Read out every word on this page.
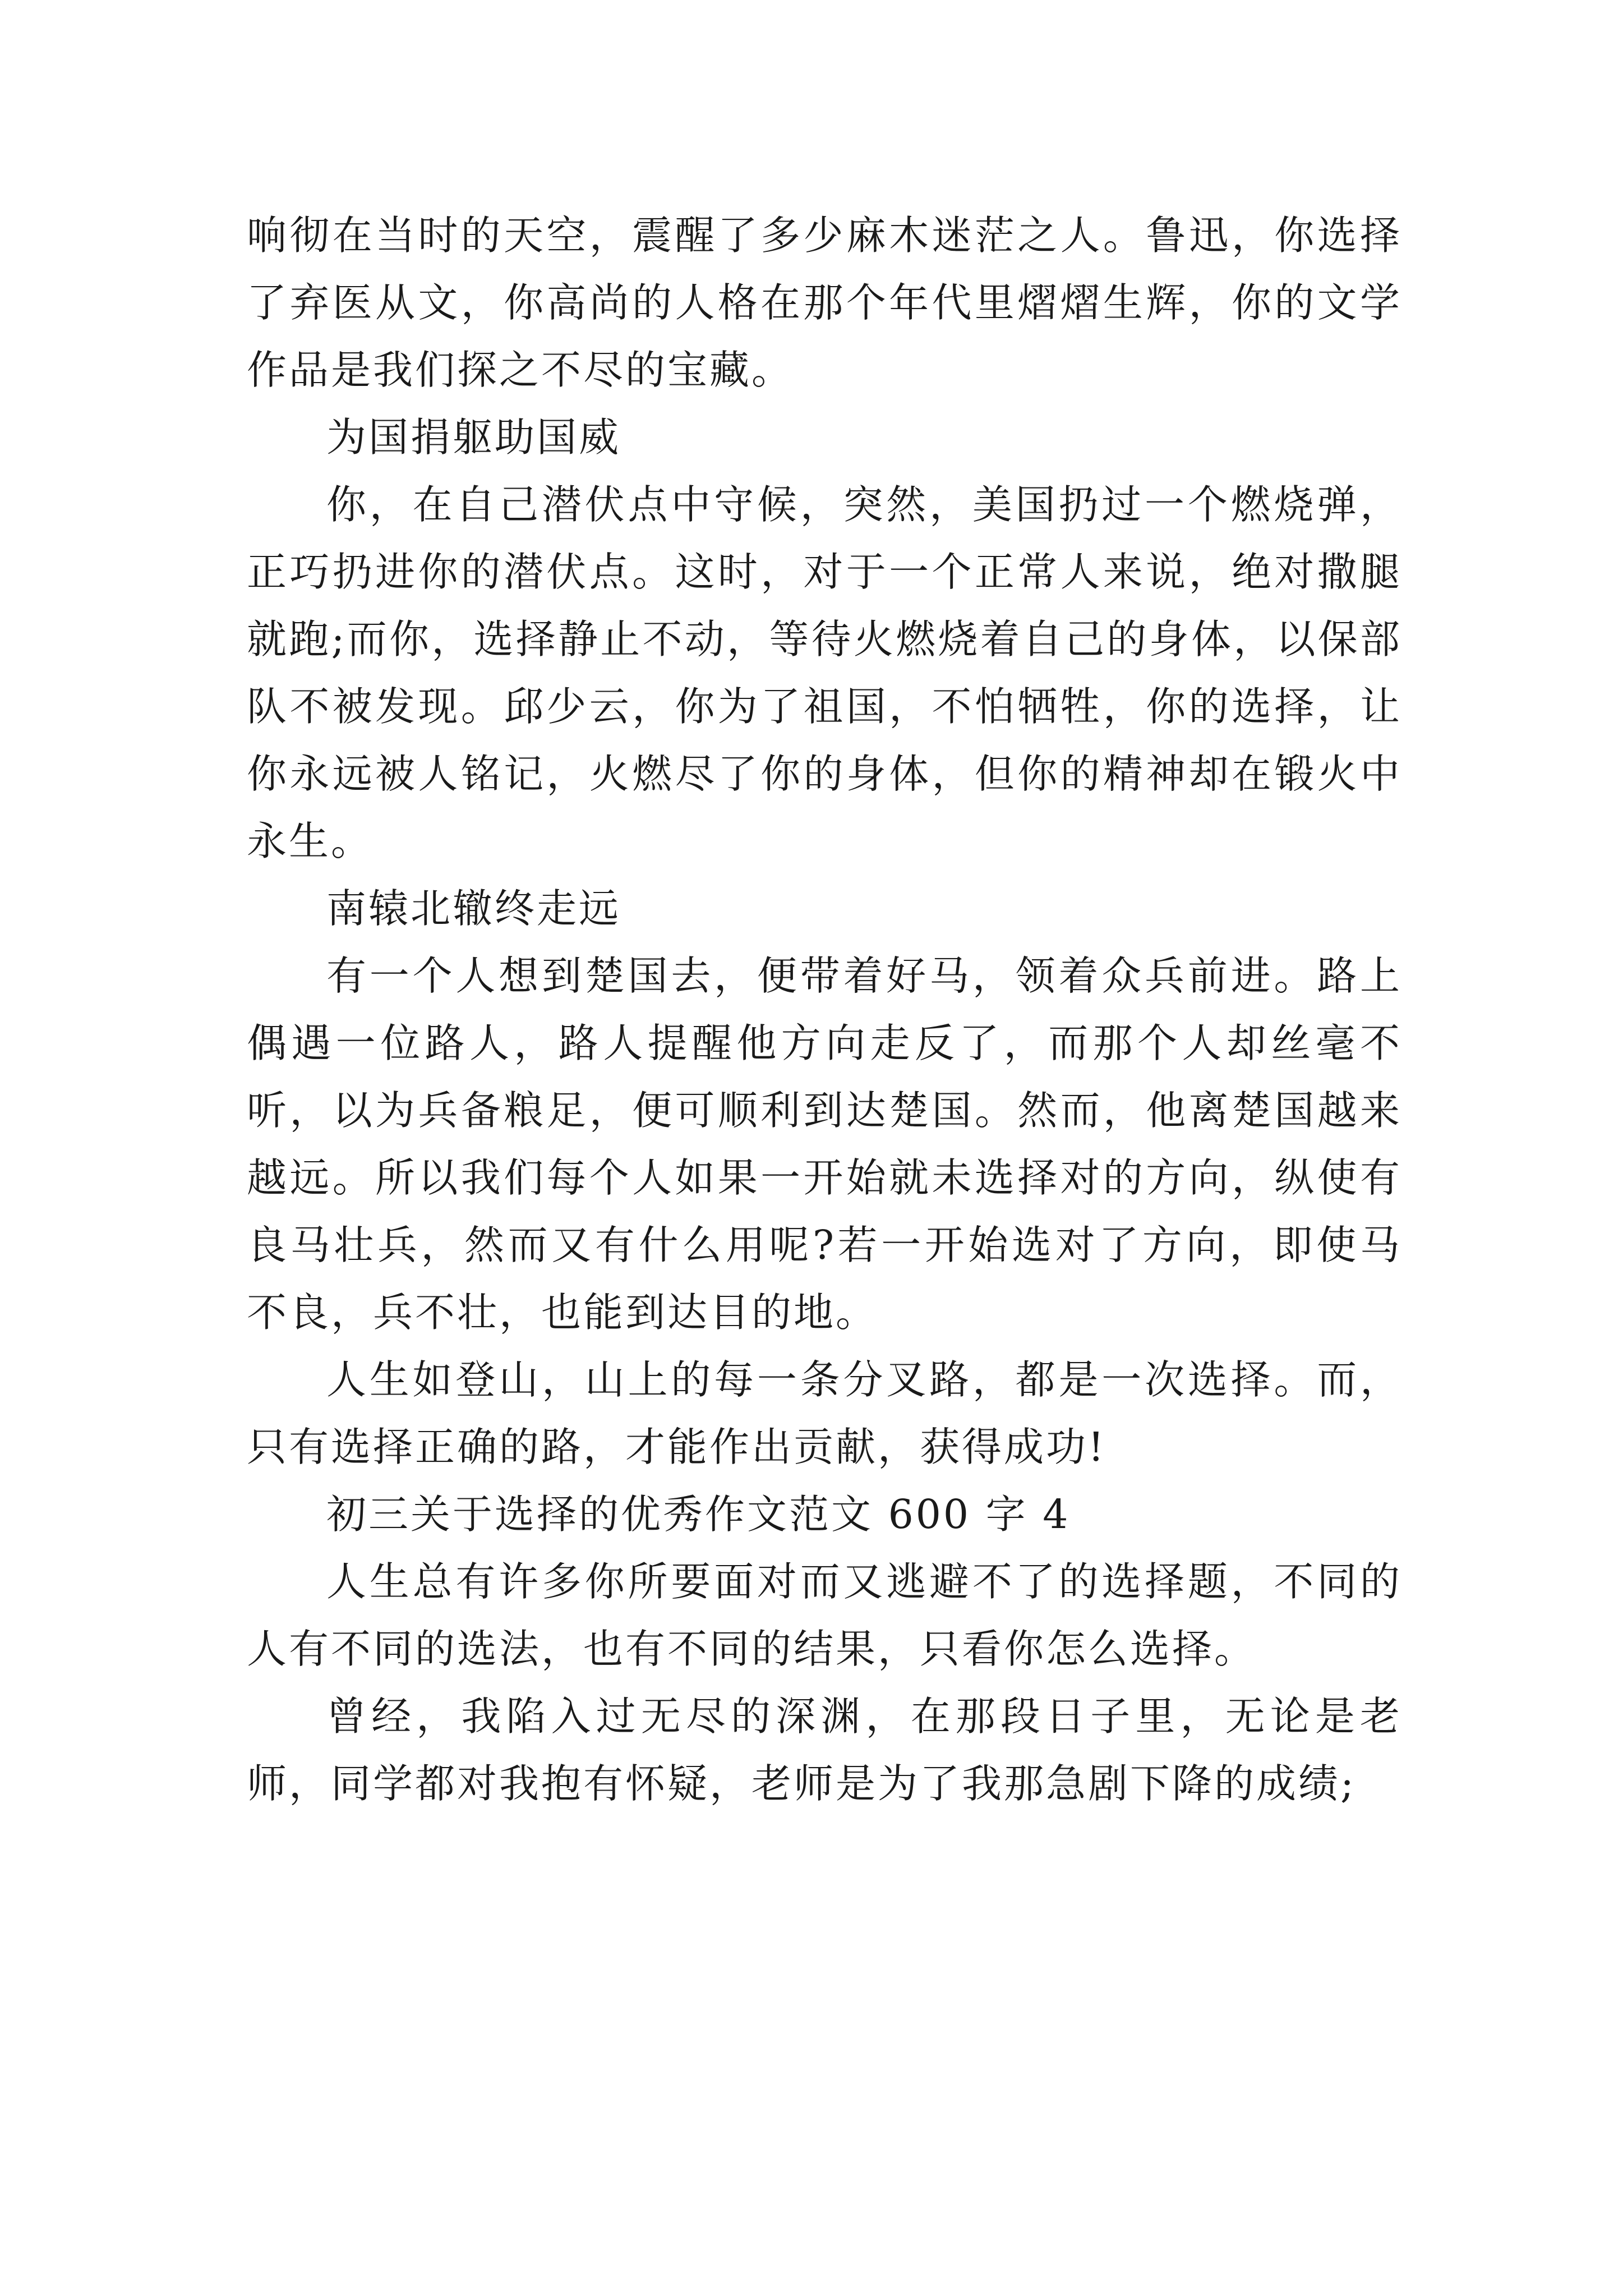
响彻在当时的天空，震醒了多少麻木迷茫之人。鲁迅，你选择了弃医从文，你高尚的人格在那个年代里熠熠生辉，你的文学作品是我们探之不尽的宝藏。

为国捐躯助国威

你，在自己潜伏点中守候，突然，美国扔过一个燃烧弹，正巧扔进你的潜伏点。这时，对于一个正常人来说，绝对撒腿就跑;而你，选择静止不动，等待火燃烧着自己的身体，以保部队不被发现。邱少云，你为了祖国，不怕牺牲，你的选择，让你永远被人铭记，火燃尽了你的身体，但你的精神却在锻火中永生。

南辕北辙终走远

有一个人想到楚国去，便带着好马，领着众兵前进。路上偶遇一位路人，路人提醒他方向走反了，而那个人却丝毫不听，以为兵备粮足，便可顺利到达楚国。然而，他离楚国越来越远。所以我们每个人如果一开始就未选择对的方向，纵使有良马壮兵，然而又有什么用呢?若一开始选对了方向，即使马不良，兵不壮，也能到达目的地。

人生如登山，山上的每一条分叉路，都是一次选择。而，只有选择正确的路，才能作出贡献，获得成功!

初三关于选择的优秀作文范文 600 字 4

人生总有许多你所要面对而又逃避不了的选择题，不同的人有不同的选法，也有不同的结果，只看你怎么选择。

曾经，我陷入过无尽的深渊，在那段日子里，无论是老师，同学都对我抱有怀疑，老师是为了我那急剧下降的成绩;
